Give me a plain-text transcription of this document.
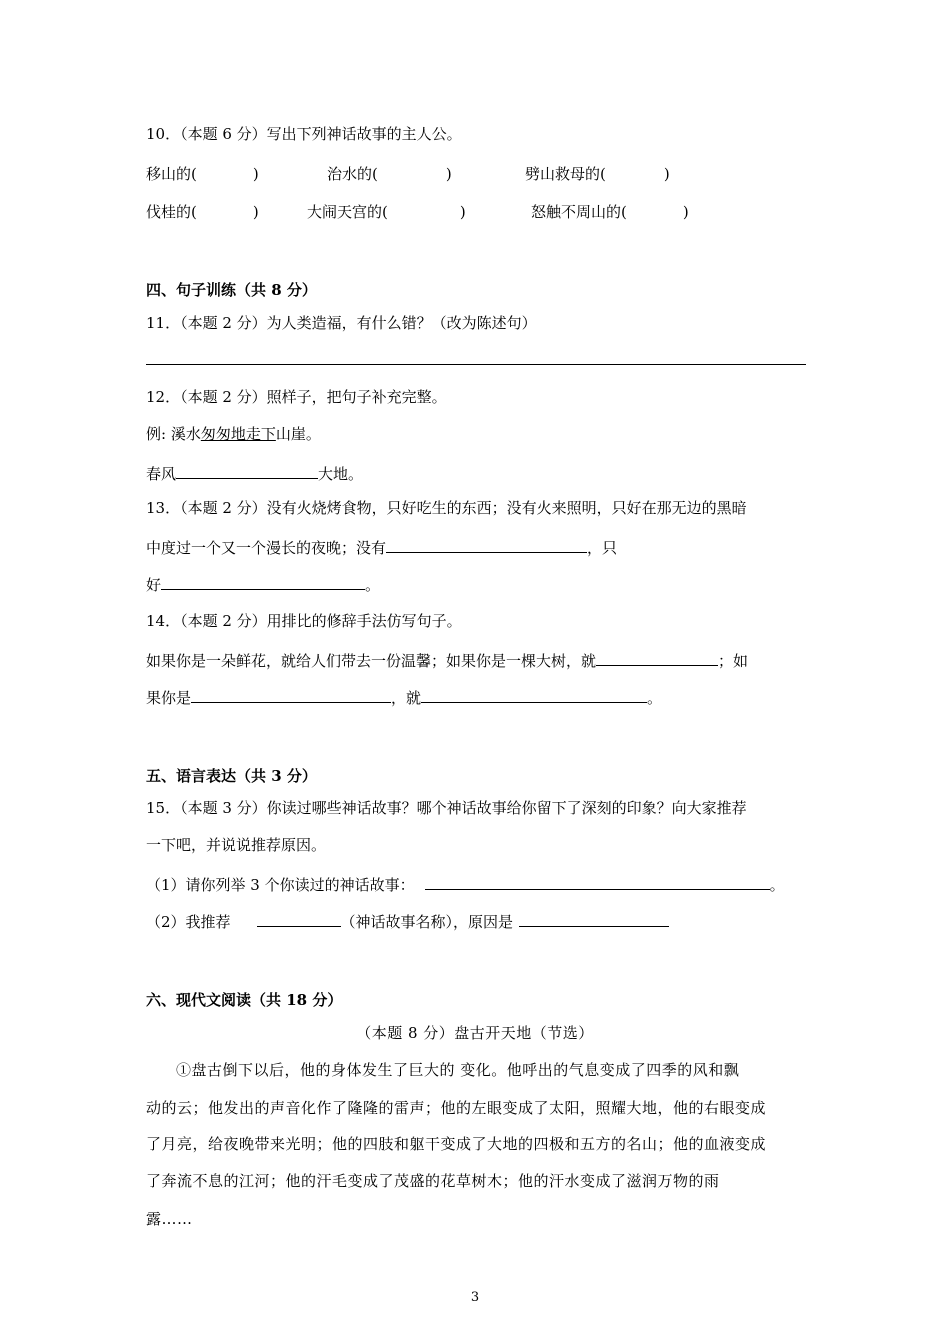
10．（本题 6 分）写出下列神话故事的主人公。
移山的(	)	治水的(	)	劈山救母的(	)
伐桂的(	)	大闹天宫的(	)	怒触不周山的(	)
四、句子训练（共 8 分）
11．（本题 2 分）为人类造福，有什么错？（改为陈述句）
12．（本题 2 分）照样子，把句子补充完整。
例: 溪水匆匆地走下山崖。
春风	大地。
13．（本题 2 分）没有火烧烤食物，只好吃生的东西；没有火来照明，只好在那无边的黑暗
中度过一个又一个漫长的夜晚；没有	，只
好	。
14．（本题 2 分）用排比的修辞手法仿写句子。
如果你是一朵鲜花，就给人们带去一份温馨；如果你是一棵大树，就	；如
果你是	，就	。
五、语言表达（共 3 分）
15．（本题 3 分）你读过哪些神话故事？哪个神话故事给你留下了深刻的印象？向大家推荐
一下吧，并说说推荐原因。
（1）请你列举 3 个你读过的神话故事：	。
（2）我推荐	（神话故事名称），原因是
六、现代文阅读（共 18 分）
（本题 8 分）盘古开天地（节选）
①盘古倒下以后，他的身体发生了巨大的 变化。他呼出的气息变成了四季的风和飘
动的云；他发出的声音化作了隆隆的雷声；他的左眼变成了太阳，照耀大地，他的右眼变成
了月亮，给夜晚带来光明；他的四肢和躯干变成了大地的四极和五方的名山；他的血液变成
了奔流不息的江河；他的汗毛变成了茂盛的花草树木；他的汗水变成了滋润万物的雨
露……
3
